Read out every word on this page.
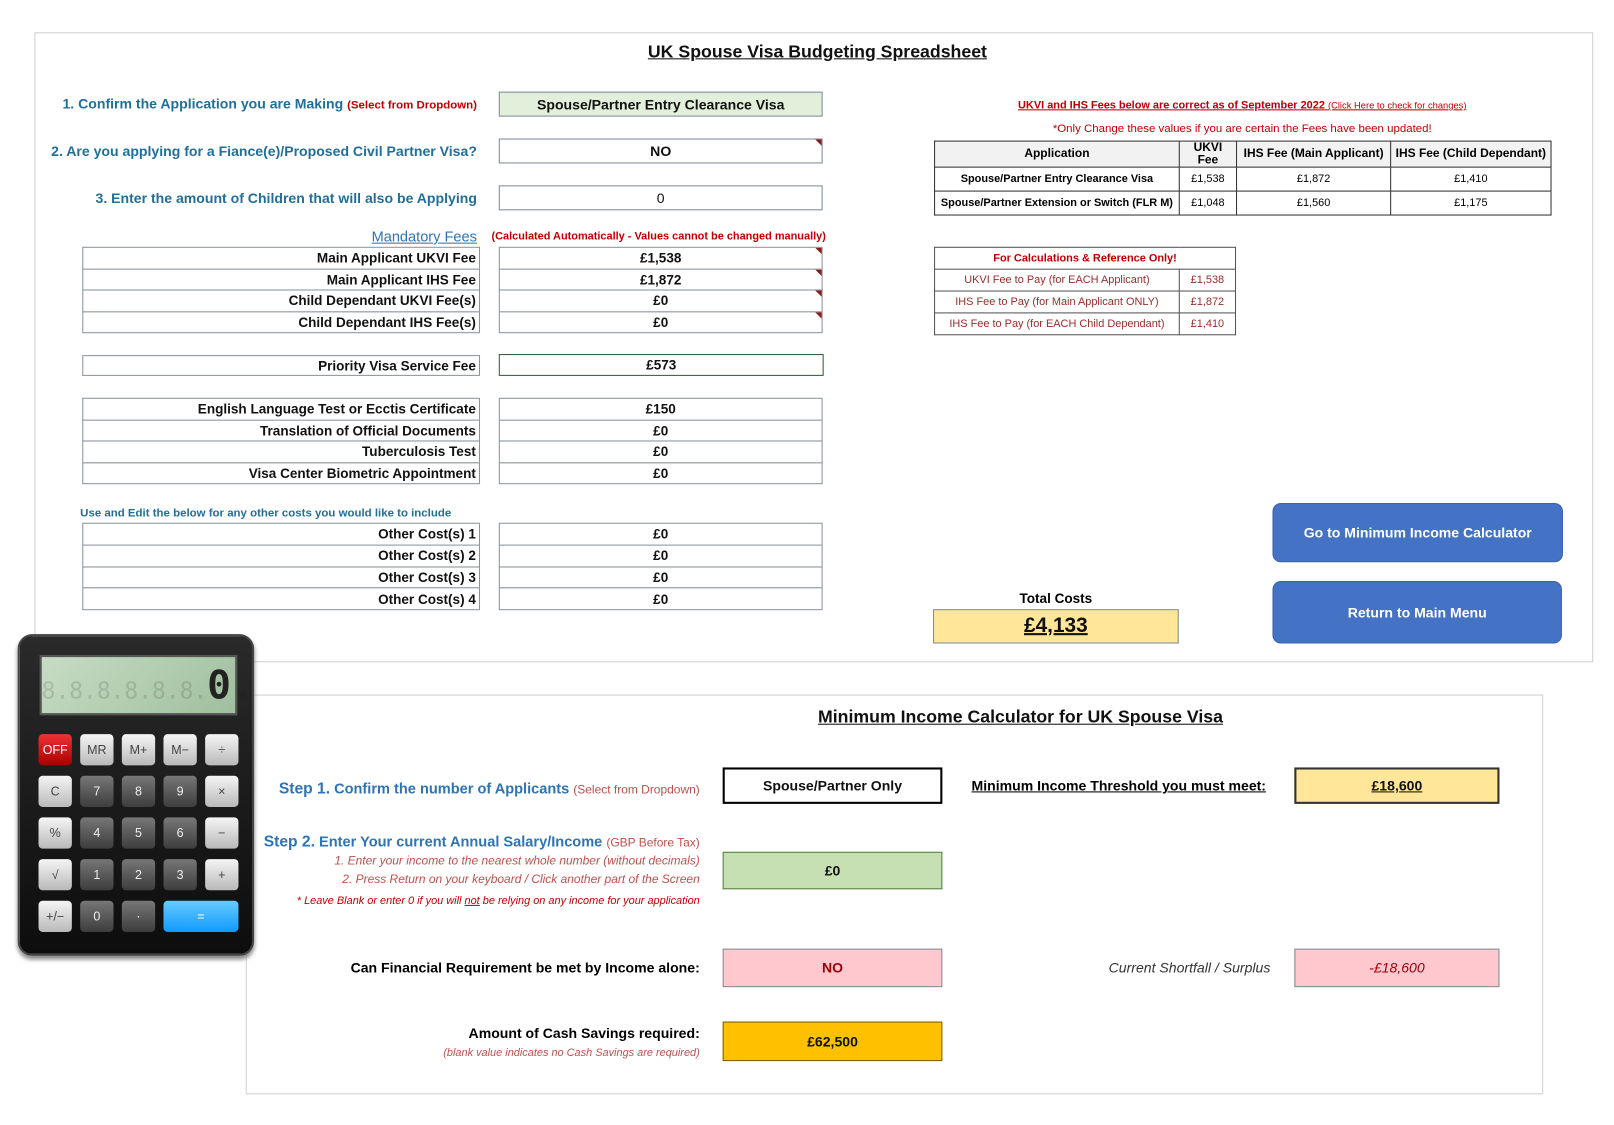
UK Spouse Visa Budgeting Spreadsheet
1. Confirm the Application you are Making (Select from Dropdown)	Spouse/Partner Entry Clearance Visa
2. Are you applying for a Fiance(e)/Proposed Civil Partner Visa?	NO
3. Enter the amount of Children that will also be Applying	0
Mandatory Fees (Calculated Automatically - Values cannot be changed manually)
Use and Edit the below for any other costs you would like to include
UKVI and IHS Fees below are correct as of September 2022 (Click Here to check for changes)
*Only Change these values if you are certain the Fees have been updated!
Application	UKVI Fee	IHS Fee (Main Applicant)	IHS Fee (Child Dependant)
Spouse/Partner Entry Clearance Visa	£1,538	£1,872	£1,410
Spouse/Partner Extension or Switch (FLR M)	£1,048	£1,560	£1,175
For Calculations & Reference Only!	
UKVI Fee to Pay (for EACH Applicant)	£1,538
IHS Fee to Pay (for Main Applicant ONLY)	£1,872
IHS Fee to Pay (for EACH Child Dependant)	£1,410
Go to Minimum Income Calculator
Return to Main Menu
Total Costs
£4,133
Minimum Income Calculator for UK Spouse Visa
Step 1. Confirm the number of Applicants (Select from Dropdown)	Spouse/Partner Only	Minimum Income Threshold you must meet:	£18,600
Step 2. Enter Your current Annual Salary/Income (GBP Before Tax)
1. Enter your income to the nearest whole number (without decimals)
2. Press Return on your keyboard / Click another part of the Screen
* Leave Blank or enter 0 if you will not be relying on any income for your application
£0
Can Financial Requirement be met by Income alone:	NO	Current Shortfall / Surplus	-£18,600
Amount of Cash Savings required:
(blank value indicates no Cash Savings are required)
£62,500
8.8.8.8.8.8.0.
OFF	MR	M+	M−	÷
C	7	8	9	×
%	4	5	6	−
√	1	2	3	+
+/−	0	·	=
Main Applicant UKVI Fee	£1,538
Main Applicant IHS Fee	£1,872
Child Dependant UKVI Fee(s)	£0
Child Dependant IHS Fee(s)	£0
English Language Test or Ecctis Certificate	£150
Translation of Official Documents	£0
Tuberculosis Test	£0
Visa Center Biometric Appointment	£0
Other Cost(s) 1	£0
Other Cost(s) 2	£0
Other Cost(s) 3	£0
Other Cost(s) 4	£0
Priority Visa Service Fee	£573
